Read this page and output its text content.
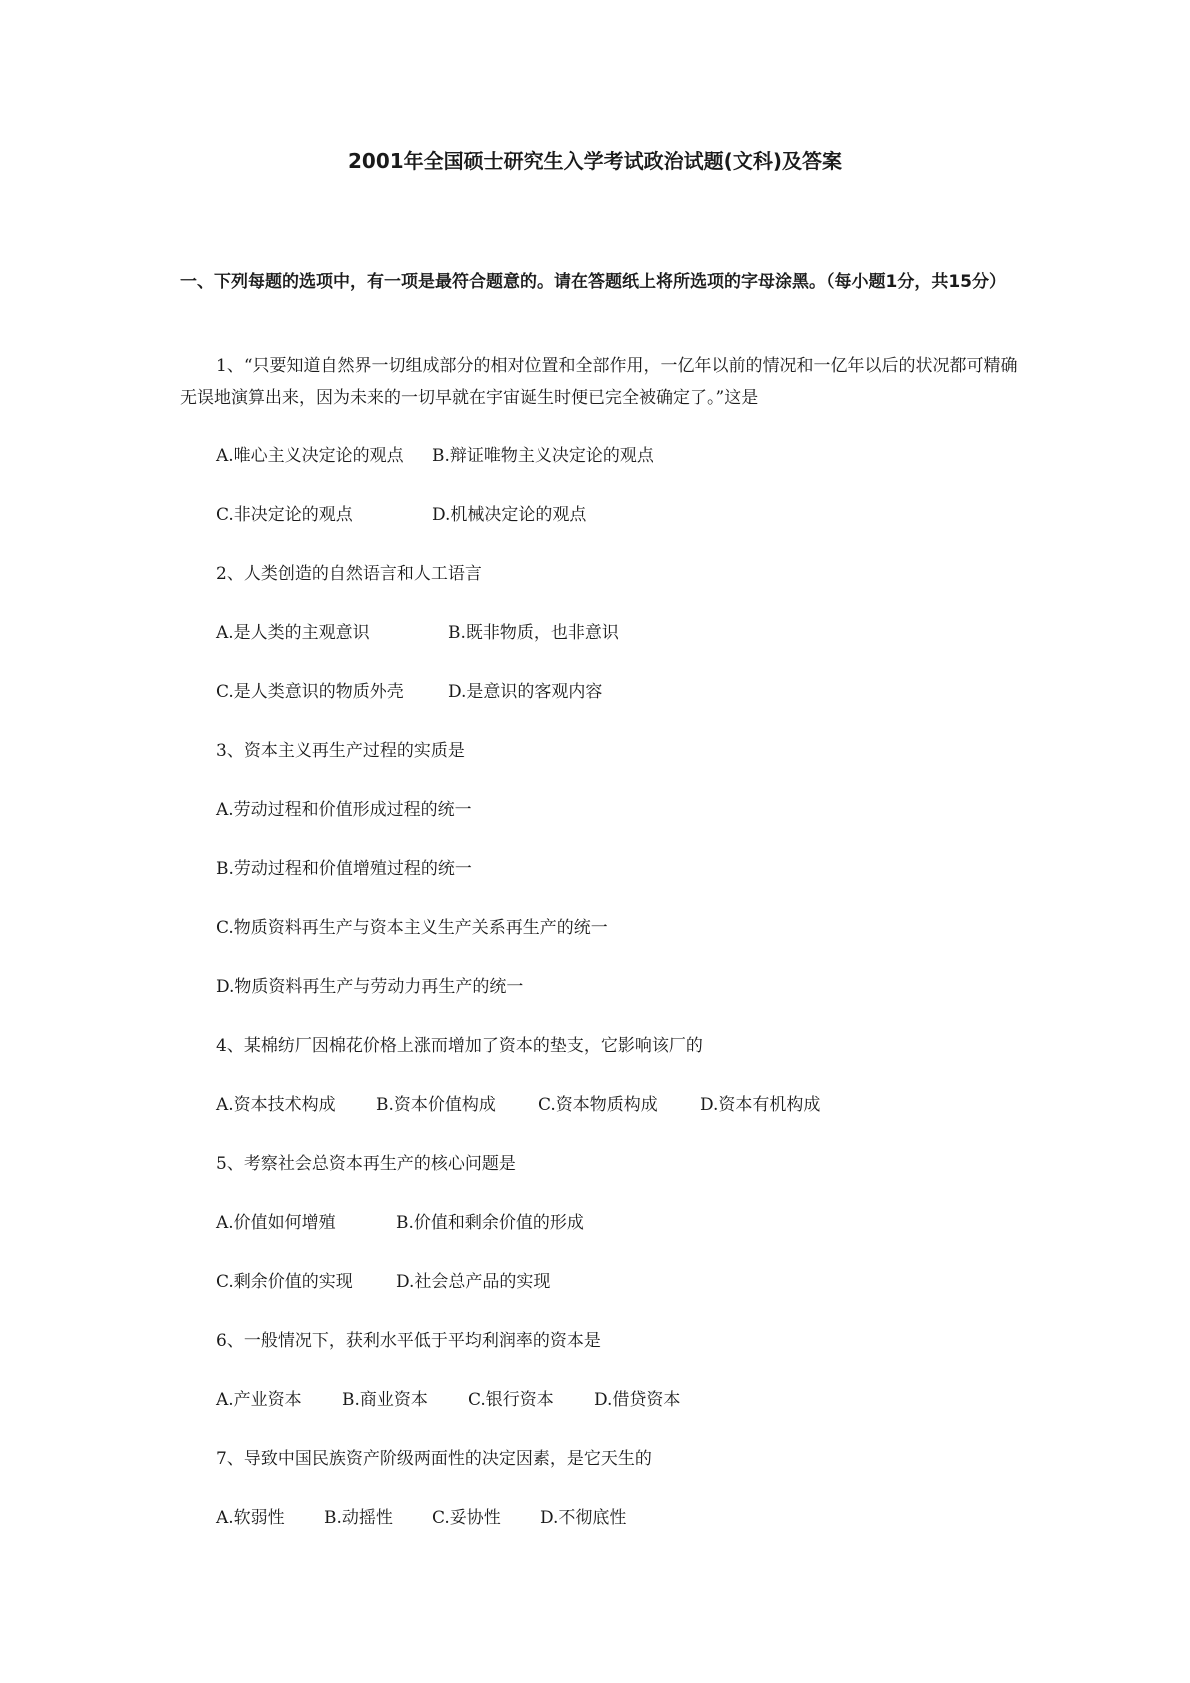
2001年全国硕士研究生入学考试政治试题(文科)及答案
一、下列每题的选项中，有一项是最符合题意的。请在答题纸上将所选项的字母涂黑。（每小题1分，共15分）
1、“只要知道自然界一切组成部分的相对位置和全部作用，一亿年以前的情况和一亿年以后的状况都可精确无误地演算出来，因为未来的一切早就在宇宙诞生时便已完全被确定了。”这是
A.唯心主义决定论的观点 B.辩证唯物主义决定论的观点
C.非决定论的观点	D.机械决定论的观点
2、人类创造的自然语言和人工语言
A.是人类的主观意识	B.既非物质，也非意识
C.是人类意识的物质外壳	D.是意识的客观内容
3、资本主义再生产过程的实质是
A.劳动过程和价值形成过程的统一
B.劳动过程和价值增殖过程的统一
C.物质资料再生产与资本主义生产关系再生产的统一
D.物质资料再生产与劳动力再生产的统一
4、某棉纺厂因棉花价格上涨而增加了资本的垫支，它影响该厂的
A.资本技术构成 B.资本价值构成 C.资本物质构成 D.资本有机构成
5、考察社会总资本再生产的核心问题是
A.价值如何增殖	B.价值和剩余价值的形成
C.剩余价值的实现	D.社会总产品的实现
6、一般情况下，获利水平低于平均利润率的资本是
A.产业资本 B.商业资本 C.银行资本 D.借贷资本
7、导致中国民族资产阶级两面性的决定因素，是它天生的
A.软弱性 B.动摇性 C.妥协性 D.不彻底性
